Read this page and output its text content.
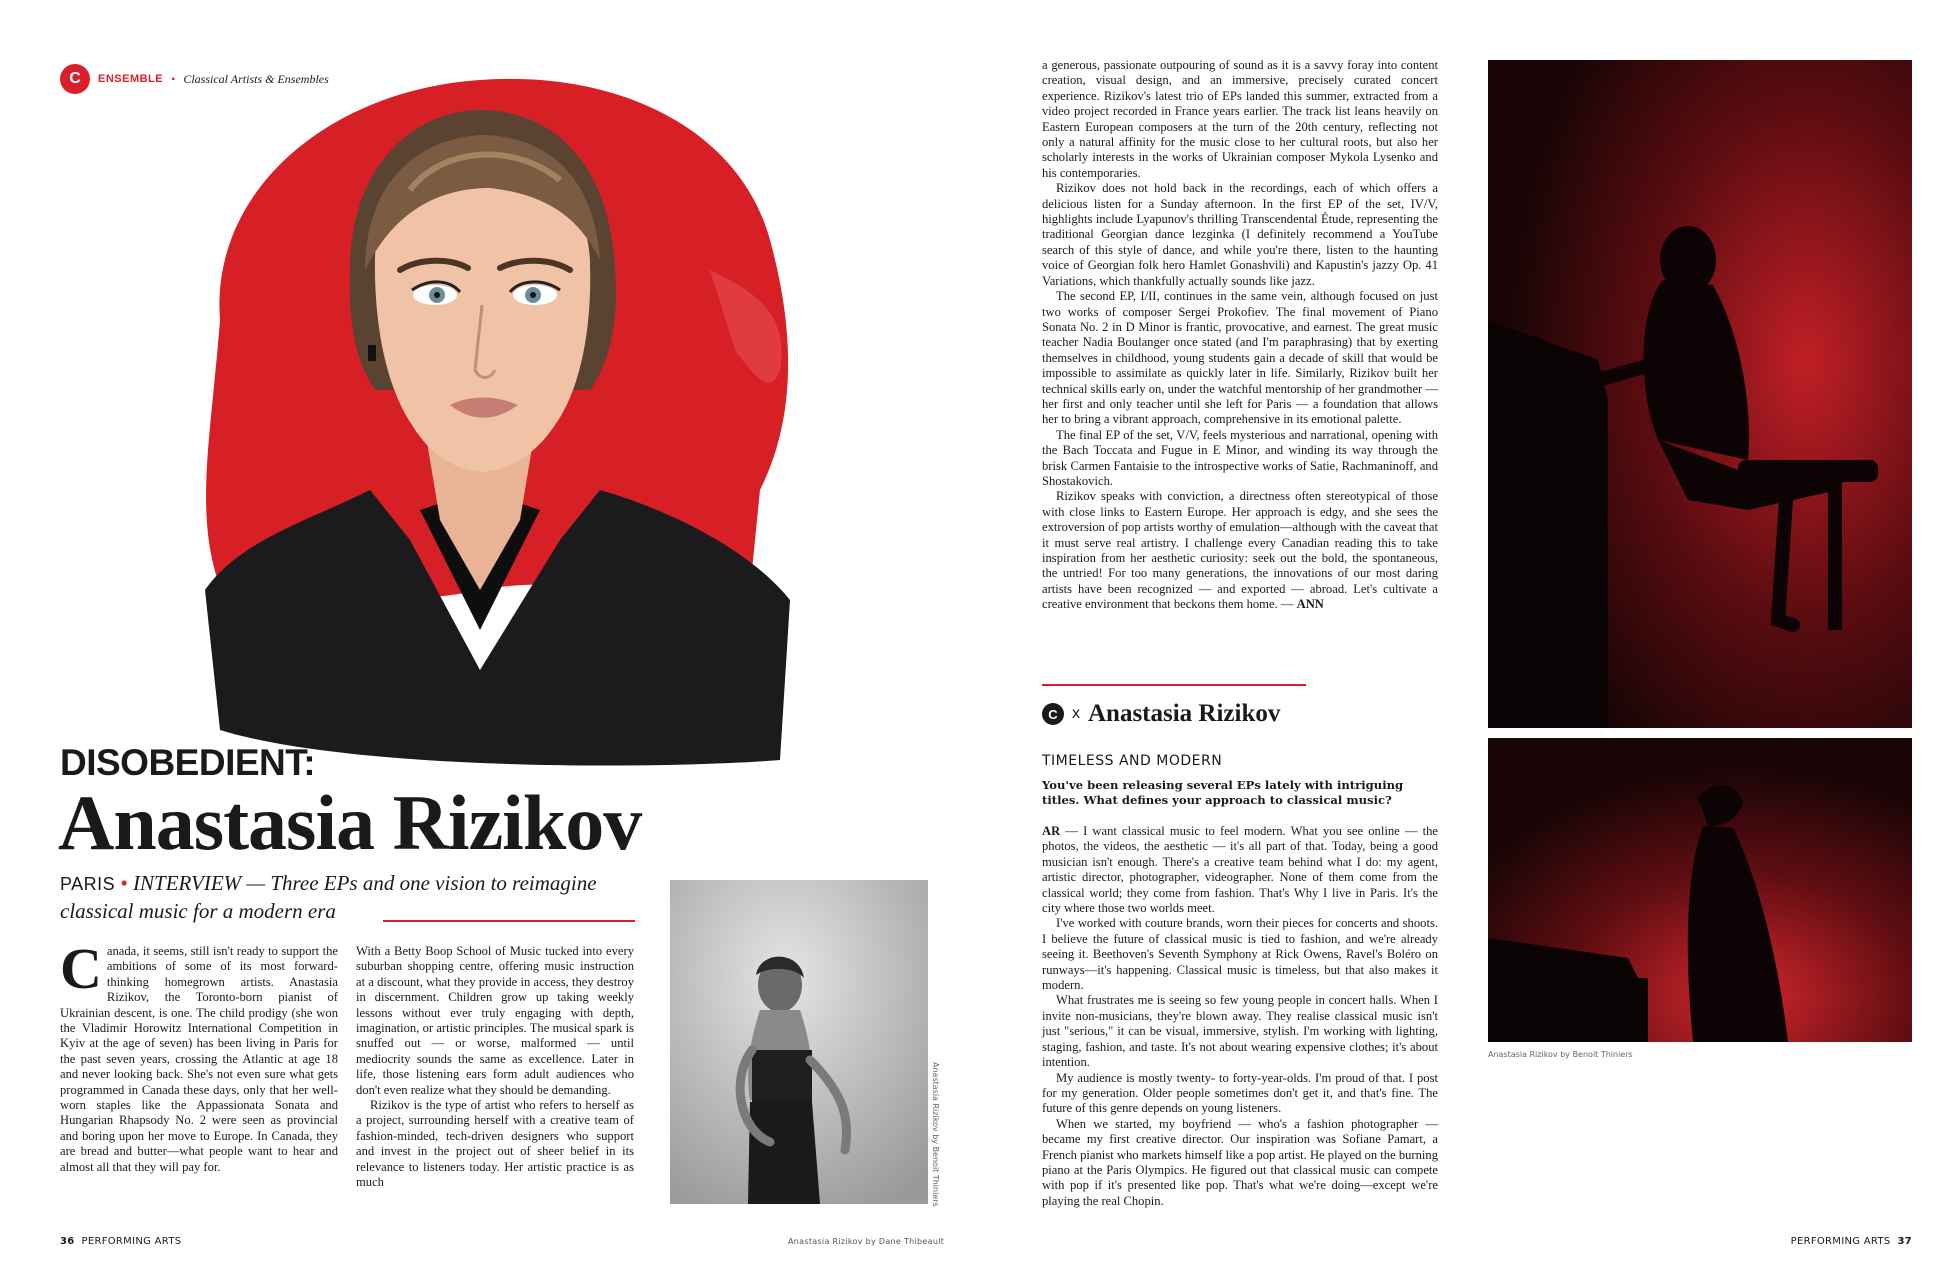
C ENSEMBLE • Classical Artists & Ensembles
DISOBEDIENT:
Anastasia Rizikov
PARIS • INTERVIEW — Three EPs and one vision to reimagine classical music for a modern era

Canada, it seems, still isn't ready to support the ambitions of some of its most forward-thinking homegrown artists. Anastasia Rizikov, the Toronto-born pianist of Ukrainian descent, is one. The child prodigy (she won the Vladimir Horowitz International Competition in Kyiv at the age of seven) has been living in Paris for the past seven years, crossing the Atlantic at age 18 and never looking back. She's not even sure what gets programmed in Canada these days, only that her well-worn staples like the Appassionata Sonata and Hungarian Rhapsody No. 2 were seen as provincial and boring upon her move to Europe. In Canada, they are bread and butter—what people want to hear and almost all that they will pay for.

With a Betty Boop School of Music tucked into every suburban shopping centre, offering music instruction at a discount, what they provide in access, they destroy in discernment. Children grow up taking weekly lessons without ever truly engaging with depth, imagination, or artistic principles. The musical spark is snuffed out — or worse, malformed — until mediocrity sounds the same as excellence. Later in life, those listening ears form adult audiences who don't even realize what they should be demanding.

Rizikov is the type of artist who refers to herself as a project, surrounding herself with a creative team of fashion-minded, tech-driven designers who support and invest in the project out of sheer belief in its relevance to listeners today. Her artistic practice is as much	Anastasia Rizikov by Benoit Thiniers

a generous, passionate outpouring of sound as it is a savvy foray into content creation, visual design, and an immersive, precisely curated concert experience. Rizikov's latest trio of EPs landed this summer, extracted from a video project recorded in France years earlier. The track list leans heavily on Eastern European composers at the turn of the 20th century, reflecting not only a natural affinity for the music close to her cultural roots, but also her scholarly interests in the works of Ukrainian composer Mykola Lysenko and his contemporaries.

Rizikov does not hold back in the recordings, each of which offers a delicious listen for a Sunday afternoon. In the first EP of the set, IV/V, highlights include Lyapunov's thrilling Transcendental Étude, representing the traditional Georgian dance lezginka (I definitely recommend a YouTube search of this style of dance, and while you're there, listen to the haunting voice of Georgian folk hero Hamlet Gonashvili) and Kapustin's jazzy Op. 41 Variations, which thankfully actually sounds like jazz.

The second EP, I/II, continues in the same vein, although focused on just two works of composer Sergei Prokofiev. The final movement of Piano Sonata No. 2 in D Minor is frantic, provocative, and earnest. The great music teacher Nadia Boulanger once stated (and I'm paraphrasing) that by exerting themselves in childhood, young students gain a decade of skill that would be impossible to assimilate as quickly later in life. Similarly, Rizikov built her technical skills early on, under the watchful mentorship of her grandmother — her first and only teacher until she left for Paris — a foundation that allows her to bring a vibrant approach, comprehensive in its emotional palette.

The final EP of the set, V/V, feels mysterious and narrational, opening with the Bach Toccata and Fugue in E Minor, and winding its way through the brisk Carmen Fantaisie to the introspective works of Satie, Rachmaninoff, and Shostakovich.

Rizikov speaks with conviction, a directness often stereotypical of those with close links to Eastern Europe. Her approach is edgy, and she sees the extroversion of pop artists worthy of emulation—although with the caveat that it must serve real artistry. I challenge every Canadian reading this to take inspiration from her aesthetic curiosity: seek out the bold, the spontaneous, the untried! For too many generations, the innovations of our most daring artists have been recognized — and exported — abroad. Let's cultivate a creative environment that beckons them home. — ANN

C x Anastasia Rizikov
TIMELESS AND MODERN
You've been releasing several EPs lately with intriguing titles. What defines your approach to classical music?

AR — I want classical music to feel modern. What you see online — the photos, the videos, the aesthetic — it's all part of that. Today, being a good musician isn't enough. There's a creative team behind what I do: my agent, artistic director, photographer, videographer. None of them come from the classical world; they come from fashion. That's Why I live in Paris. It's the city where those two worlds meet.

I've worked with couture brands, worn their pieces for concerts and shoots. I believe the future of classical music is tied to fashion, and we're already seeing it. Beethoven's Seventh Symphony at Rick Owens, Ravel's Boléro on runways—it's happening. Classical music is timeless, but that also makes it modern.

What frustrates me is seeing so few young people in concert halls. When I invite non-musicians, they're blown away. They realise classical music isn't just "serious," it can be visual, immersive, stylish. I'm working with lighting, staging, fashion, and taste. It's not about wearing expensive clothes; it's about intention.

My audience is mostly twenty- to forty-year-olds. I'm proud of that. I post for my generation. Older people sometimes don't get it, and that's fine. The future of this genre depends on young listeners.

When we started, my boyfriend — who's a fashion photographer — became my first creative director. Our inspiration was Sofiane Pamart, a French pianist who markets himself like a pop artist. He played on the burning piano at the Paris Olympics. He figured out that classical music can compete with pop if it's presented like pop. That's what we're doing—except we're playing the real Chopin.

Anastasia Rizikov by Benoit Thiniers
36 PERFORMING ARTS	Anastasia Rizikov by Dane Thibeault	PERFORMING ARTS 37
